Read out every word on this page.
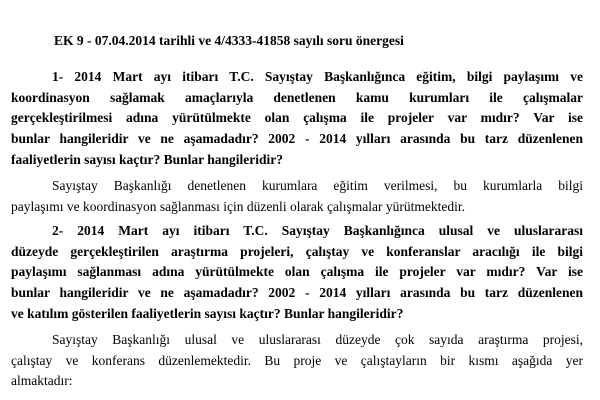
EK 9 - 07.04.2014 tarihli ve 4/4333-41858 sayılı soru önergesi
1- 2014 Mart ayı itibarı T.C. Sayıştay Başkanlığınca eğitim, bilgi paylaşımı ve
koordinasyon sağlamak amaçlarıyla denetlenen kamu kurumları ile çalışmalar
gerçekleştirilmesi adına yürütülmekte olan çalışma ile projeler var mıdır? Var ise
bunlar hangileridir ve ne aşamadadır? 2002 - 2014 yılları arasında bu tarz düzenlenen
faaliyetlerin sayısı kaçtır? Bunlar hangileridir?
Sayıştay Başkanlığı denetlenen kurumlara eğitim verilmesi, bu kurumlarla bilgi
paylaşımı ve koordinasyon sağlanması için düzenli olarak çalışmalar yürütmektedir.
2- 2014 Mart ayı itibarı T.C. Sayıştay Başkanlığınca ulusal ve uluslararası
düzeyde gerçekleştirilen araştırma projeleri, çalıştay ve konferanslar aracılığı ile bilgi
paylaşımı sağlanması adına yürütülmekte olan çalışma ile projeler var mıdır? Var ise
bunlar hangileridir ve ne aşamadadır? 2002 - 2014 yılları arasında bu tarz düzenlenen
ve katılım gösterilen faaliyetlerin sayısı kaçtır? Bunlar hangileridir?
Sayıştay Başkanlığı ulusal ve uluslararası düzeyde çok sayıda araştırma projesi,
çalıştay ve konferans düzenlemektedir. Bu proje ve çalıştayların bir kısmı aşağıda yer
almaktadır:
